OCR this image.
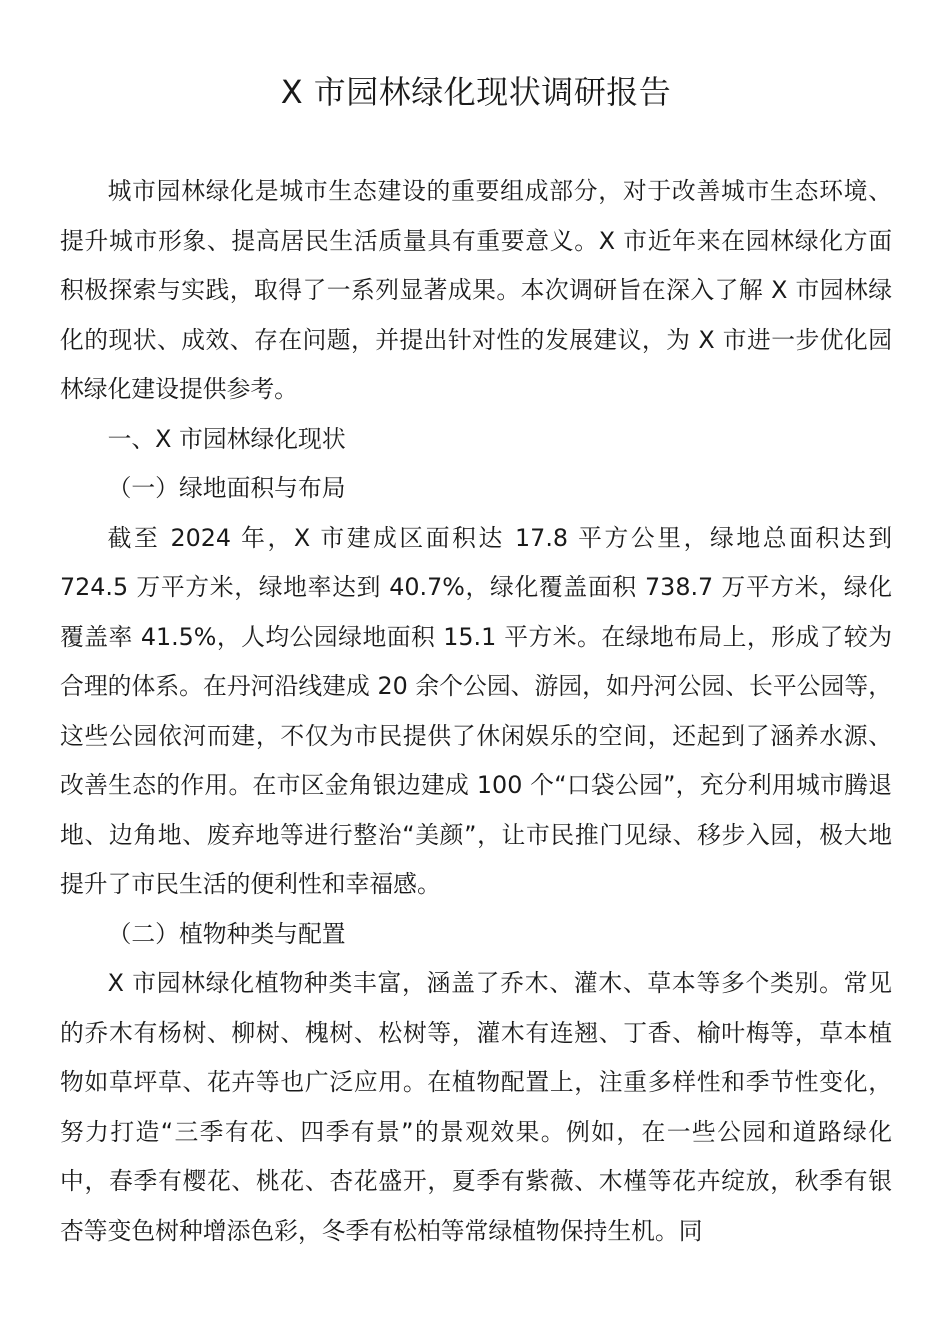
X 市园林绿化现状调研报告

城市园林绿化是城市生态建设的重要组成部分，对于改善城市生态环境、提升城市形象、提高居民生活质量具有重要意义。X 市近年来在园林绿化方面积极探索与实践，取得了一系列显著成果。本次调研旨在深入了解 X 市园林绿化的现状、成效、存在问题，并提出针对性的发展建议，为 X 市进一步优化园林绿化建设提供参考。

一、X 市园林绿化现状

（一）绿地面积与布局

截至 2024 年，X 市建成区面积达 17.8 平方公里，绿地总面积达到 724.5 万平方米，绿地率达到 40.7%，绿化覆盖面积 738.7 万平方米，绿化覆盖率 41.5%，人均公园绿地面积 15.1 平方米。在绿地布局上，形成了较为合理的体系。在丹河沿线建成 20 余个公园、游园，如丹河公园、长平公园等，这些公园依河而建，不仅为市民提供了休闲娱乐的空间，还起到了涵养水源、改善生态的作用。在市区金角银边建成 100 个“口袋公园”，充分利用城市腾退地、边角地、废弃地等进行整治“美颜”，让市民推门见绿、移步入园，极大地提升了市民生活的便利性和幸福感。

（二）植物种类与配置

X 市园林绿化植物种类丰富，涵盖了乔木、灌木、草本等多个类别。常见的乔木有杨树、柳树、槐树、松树等，灌木有连翘、丁香、榆叶梅等，草本植物如草坪草、花卉等也广泛应用。在植物配置上，注重多样性和季节性变化，努力打造“三季有花、四季有景”的景观效果。例如，在一些公园和道路绿化中，春季有樱花、桃花、杏花盛开，夏季有紫薇、木槿等花卉绽放，秋季有银杏等变色树种增添色彩，冬季有松柏等常绿植物保持生机。同
